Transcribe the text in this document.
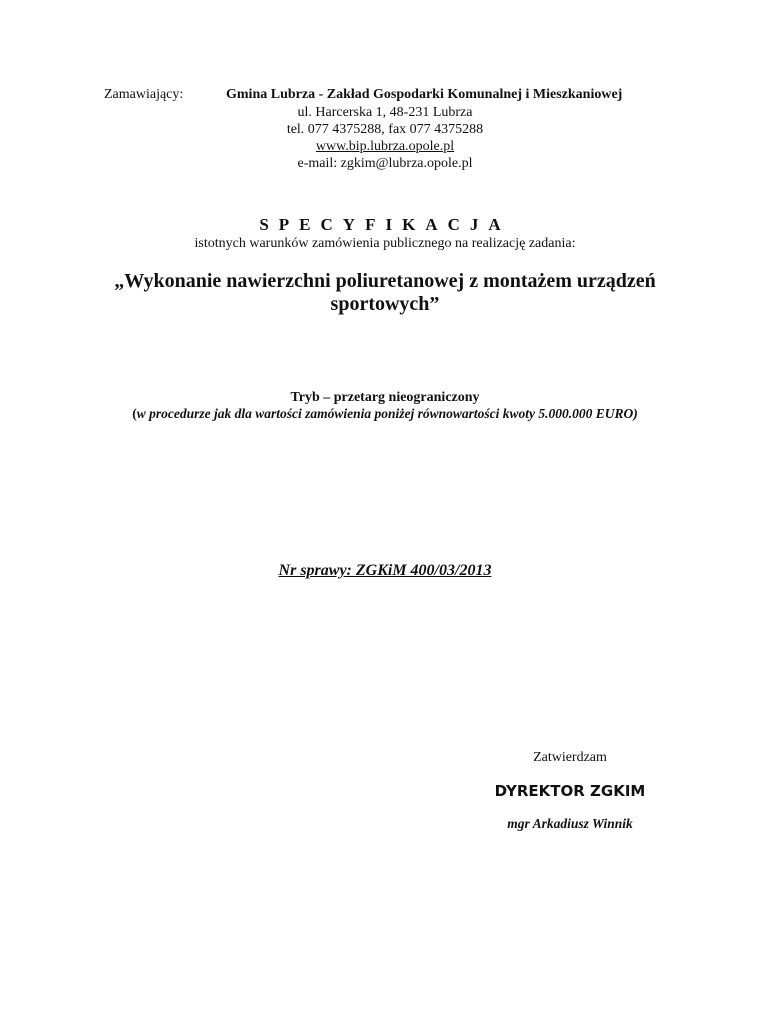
Zamawiający:	Gmina Lubrza - Zakład Gospodarki Komunalnej i Mieszkaniowej
ul. Harcerska 1, 48-231 Lubrza
tel. 077 4375288, fax 077 4375288
www.bip.lubrza.opole.pl
e-mail: zgkim@lubrza.opole.pl
SPECYFIKACJA
istotnych warunków zamówienia publicznego na realizację zadania:
„Wykonanie nawierzchni poliuretanowej z montażem urządzeń
sportowych”
Tryb – przetarg nieograniczony
(w procedurze jak dla wartości zamówienia poniżej równowartości kwoty 5.000.000 EURO)
Nr sprawy: ZGKiM 400/03/2013
Zatwierdzam
DYREKTOR ZGKIM
mgr Arkadiusz Winnik
